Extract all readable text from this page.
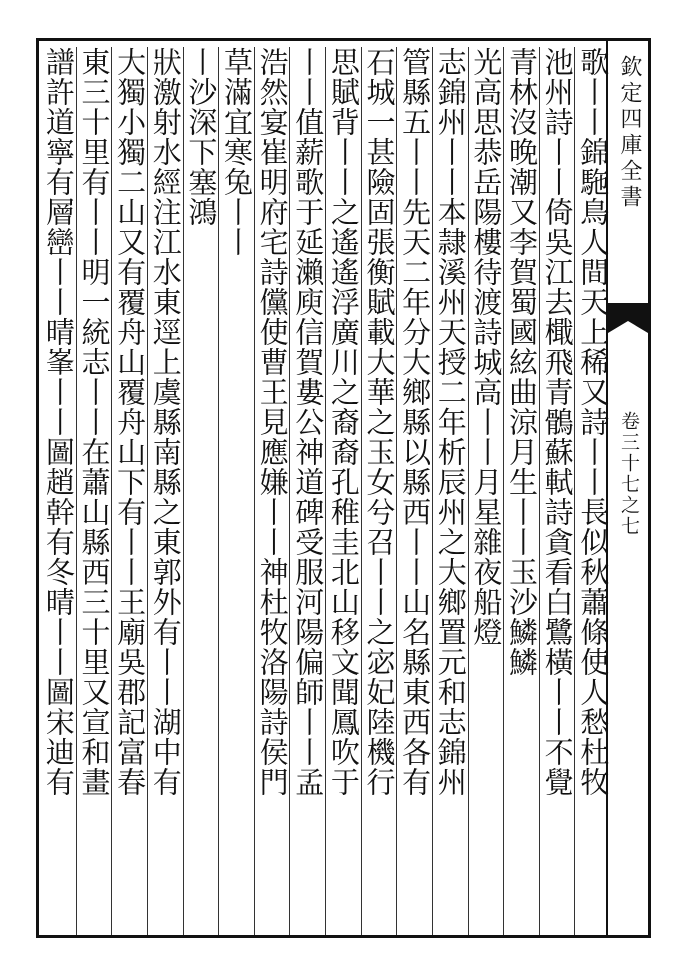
欽定四庫全書
卷三十七之七
歌丨丨錦駞鳥人間天上稀又詩丨丨長似秋蕭條使人愁杜牧
池州詩丨丨倚吳江去檝飛青鶻蘇軾詩貪看白鷺橫丨丨不覺
青林沒晚潮又李賀蜀國絃曲涼月生丨丨玉沙鱗鱗
光高思恭岳陽樓待渡詩城高丨丨月星雜夜船燈
志錦州丨丨本隷溪州天授二年析辰州之大鄉置元和志錦州
管縣五丨丨先天二年分大鄉縣以縣西丨丨山名縣東西各有
石城一甚險固張衡賦載大華之玉女兮召丨丨之宓妃陸機行
思賦背丨丨之遙遙浮廣川之裔裔孔稚圭北山移文聞鳳吹于
丨丨值薪歌于延瀨庾信賀婁公神道碑受服河陽偏師丨丨孟
浩然宴崔明府宅詩儻使曹王見應嫌丨丨神杜牧洛陽詩侯門
草滿宜寒兔丨丨
丨沙深下塞鴻
狀激射水經注江水東逕上虞縣南縣之東郭外有丨丨湖中有
大獨小獨二山又有覆舟山覆舟山下有丨丨王廟吳郡記富春
東三十里有丨丨明一統志丨丨在蕭山縣西三十里又宣和畫
譜許道寧有層巒丨丨晴峯丨丨圖趙幹有冬晴丨丨圖宋迪有
